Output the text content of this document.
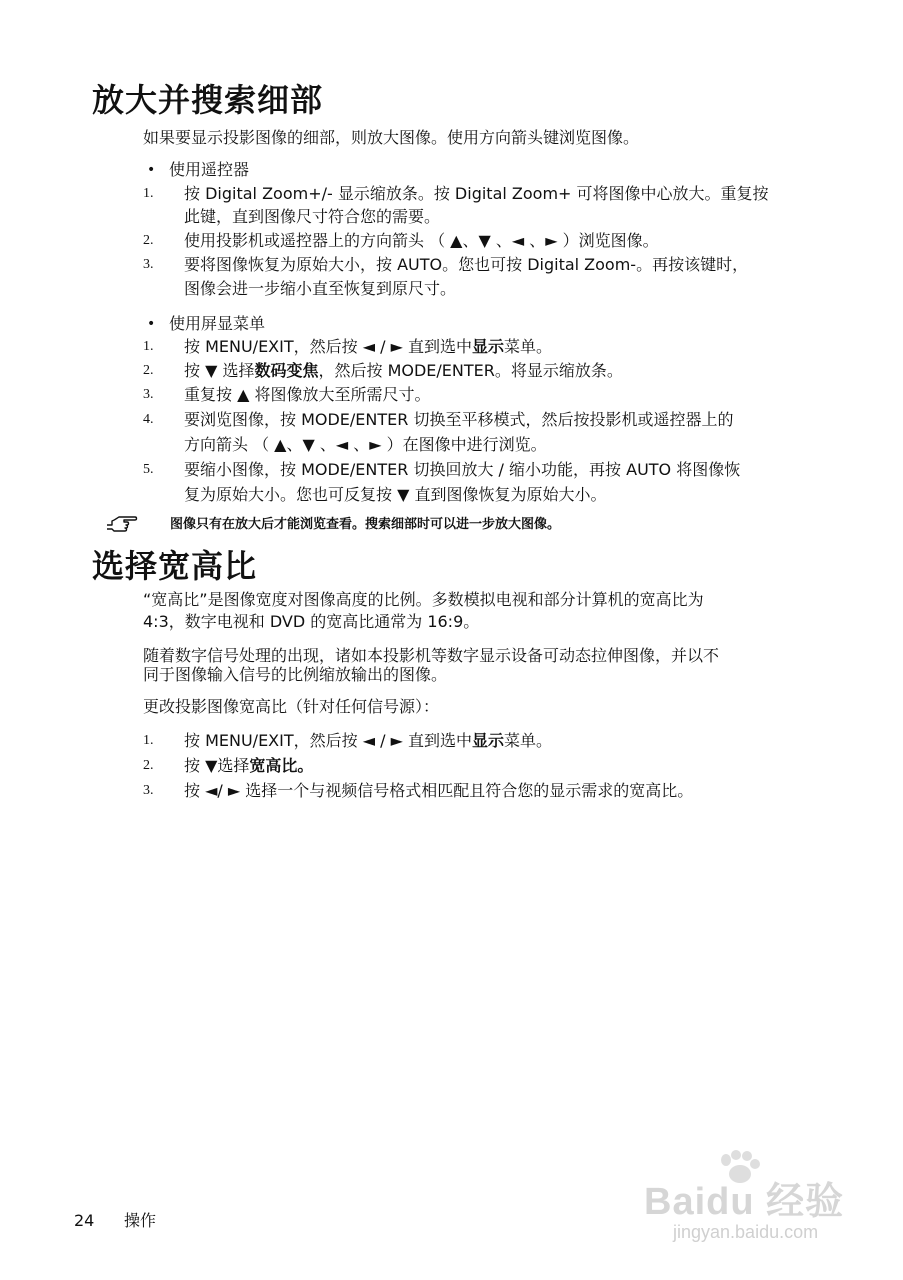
放大并搜索细部
如果要显示投影图像的细部，则放大图像。使用方向箭头键浏览图像。
• 使用遥控器
1.	按 Digital Zoom+/- 显示缩放条。按 Digital Zoom+ 可将图像中心放大。重复按
此键，直到图像尺寸符合您的需要。
2.	使用投影机或遥控器上的方向箭头 （ ▲、▼ 、◄ 、► ）浏览图像。
3.	要将图像恢复为原始大小，按 AUTO。您也可按 Digital Zoom-。再按该键时，
图像会进一步缩小直至恢复到原尺寸。
• 使用屏显菜单
1.	按 MENU/EXIT，然后按 ◄ / ► 直到选中显示菜单。
2.	按 ▼ 选择数码变焦，然后按 MODE/ENTER。将显示缩放条。
3.	重复按 ▲ 将图像放大至所需尺寸。
4.	要浏览图像，按 MODE/ENTER 切换至平移模式，然后按投影机或遥控器上的
方向箭头 （ ▲、▼ 、◄ 、► ）在图像中进行浏览。
5.	要缩小图像，按 MODE/ENTER 切换回放大 / 缩小功能，再按 AUTO 将图像恢
复为原始大小。您也可反复按 ▼ 直到图像恢复为原始大小。
图像只有在放大后才能浏览查看。搜索细部时可以进一步放大图像。
选择宽高比
“宽高比”是图像宽度对图像高度的比例。多数模拟电视和部分计算机的宽高比为
4:3，数字电视和 DVD 的宽高比通常为 16:9。
随着数字信号处理的出现，诸如本投影机等数字显示设备可动态拉伸图像，并以不
同于图像输入信号的比例缩放输出的图像。
更改投影图像宽高比（针对任何信号源）：
1.	按 MENU/EXIT，然后按 ◄ / ► 直到选中显示菜单。
2.	按 ▼选择宽高比。
3.	按 ◄/ ► 选择一个与视频信号格式相匹配且符合您的显示需求的宽高比。
24 操作	Baidu 经验
jingyan.baidu.com
